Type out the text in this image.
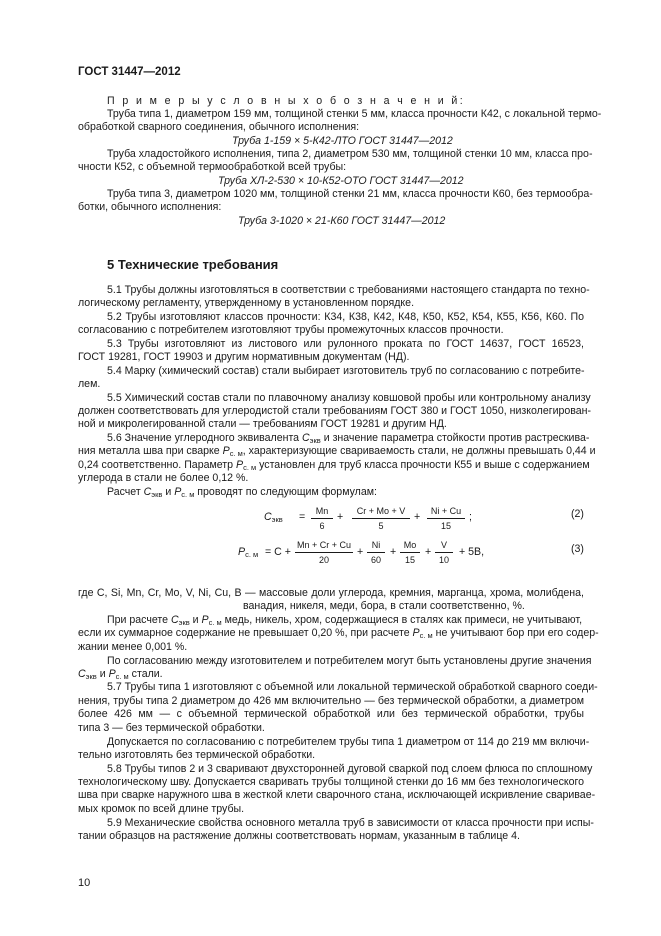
ГОСТ 31447—2012
П р и м е р ы у с л о в н ы х о б о з н а ч е н и й:
Труба типа 1, диаметром 159 мм, толщиной стенки 5 мм, класса прочности К42, с локальной термо-
обработкой сварного соединения, обычного исполнения:
Труба 1-159 × 5-К42-ЛТО ГОСТ 31447—2012
Труба хладостойкого исполнения, типа 2, диаметром 530 мм, толщиной стенки 10 мм, класса про-
чности К52, с объемной термообработкой всей трубы:
Труба ХЛ-2-530 × 10-К52-ОТО ГОСТ 31447—2012
Труба типа 3, диаметром 1020 мм, толщиной стенки 21 мм, класса прочности К60, без термообра-
ботки, обычного исполнения:
Труба 3-1020 × 21-К60 ГОСТ 31447—2012
5 Технические требования
5.1 Трубы должны изготовляться в соответствии с требованиями настоящего стандарта по техно-
логическому регламенту, утвержденному в установленном порядке.
5.2 Трубы изготовляют классов прочности: К34, К38, К42, К48, К50, К52, К54, К55, К56, К60. По
согласованию с потребителем изготовляют трубы промежуточных классов прочности.
5.3 Трубы изготовляют из листового или рулонного проката по ГОСТ 14637, ГОСТ 16523,
ГОСТ 19281, ГОСТ 19903 и другим нормативным документам (НД).
5.4 Марку (химический состав) стали выбирает изготовитель труб по согласованию с потребите-
лем.
5.5 Химический состав стали по плавочному анализу ковшовой пробы или контрольному анализу
должен соответствовать для углеродистой стали требованиям ГОСТ 380 и ГОСТ 1050, низколегирован-
ной и микролегированной стали — требованиям ГОСТ 19281 и другим НД.
5.6 Значение углеродного эквивалента Cэкв и значение параметра стойкости против растрескива-
ния металла шва при сварке Pс. м, характеризующие свариваемость стали, не должны превышать 0,44 и
0,24 соответственно. Параметр Pс. м установлен для труб класса прочности К55 и выше с содержанием
углерода в стали не более 0,12 %.
Расчет Cэкв и Pс. м проводят по следующим формулам:
Cэкв =	Mn
6
+	Cr + Mo + V
5
+	Ni + Cu
15
;	(2)
Pс. м = C +
Mn + Cr + Cu
20
+
Ni
60
+
Mo
15
+
V
10
+ 5B,	(3)
где C, Si, Mn, Cr, Mo, V, Ni, Cu, B — массовые доли углерода, кремния, марганца, хрома, молибдена,
ванадия, никеля, меди, бора, в стали соответственно, %.
При расчете Cэкв и Pс. м медь, никель, хром, содержащиеся в сталях как примеси, не учитывают,
если их суммарное содержание не превышает 0,20 %, при расчете Pс. м не учитывают бор при его содер-
жании менее 0,001 %.
По согласованию между изготовителем и потребителем могут быть установлены другие значения
Cэкв и Pс. м стали.
5.7 Трубы типа 1 изготовляют с объемной или локальной термической обработкой сварного соеди-
нения, трубы типа 2 диаметром до 426 мм включительно — без термической обработки, а диаметром
более 426 мм — с объемной термической обработкой или без термической обработки, трубы
типа 3 — без термической обработки.
Допускается по согласованию с потребителем трубы типа 1 диаметром от 114 до 219 мм включи-
тельно изготовлять без термической обработки.
5.8 Трубы типов 2 и 3 сваривают двухсторонней дуговой сваркой под слоем флюса по сплошному
технологическому шву. Допускается сваривать трубы толщиной стенки до 16 мм без технологического
шва при сварке наружного шва в жесткой клети сварочного стана, исключающей искривление сваривае-
мых кромок по всей длине трубы.
5.9 Механические свойства основного металла труб в зависимости от класса прочности при испы-
тании образцов на растяжение должны соответствовать нормам, указанным в таблице 4.
10
